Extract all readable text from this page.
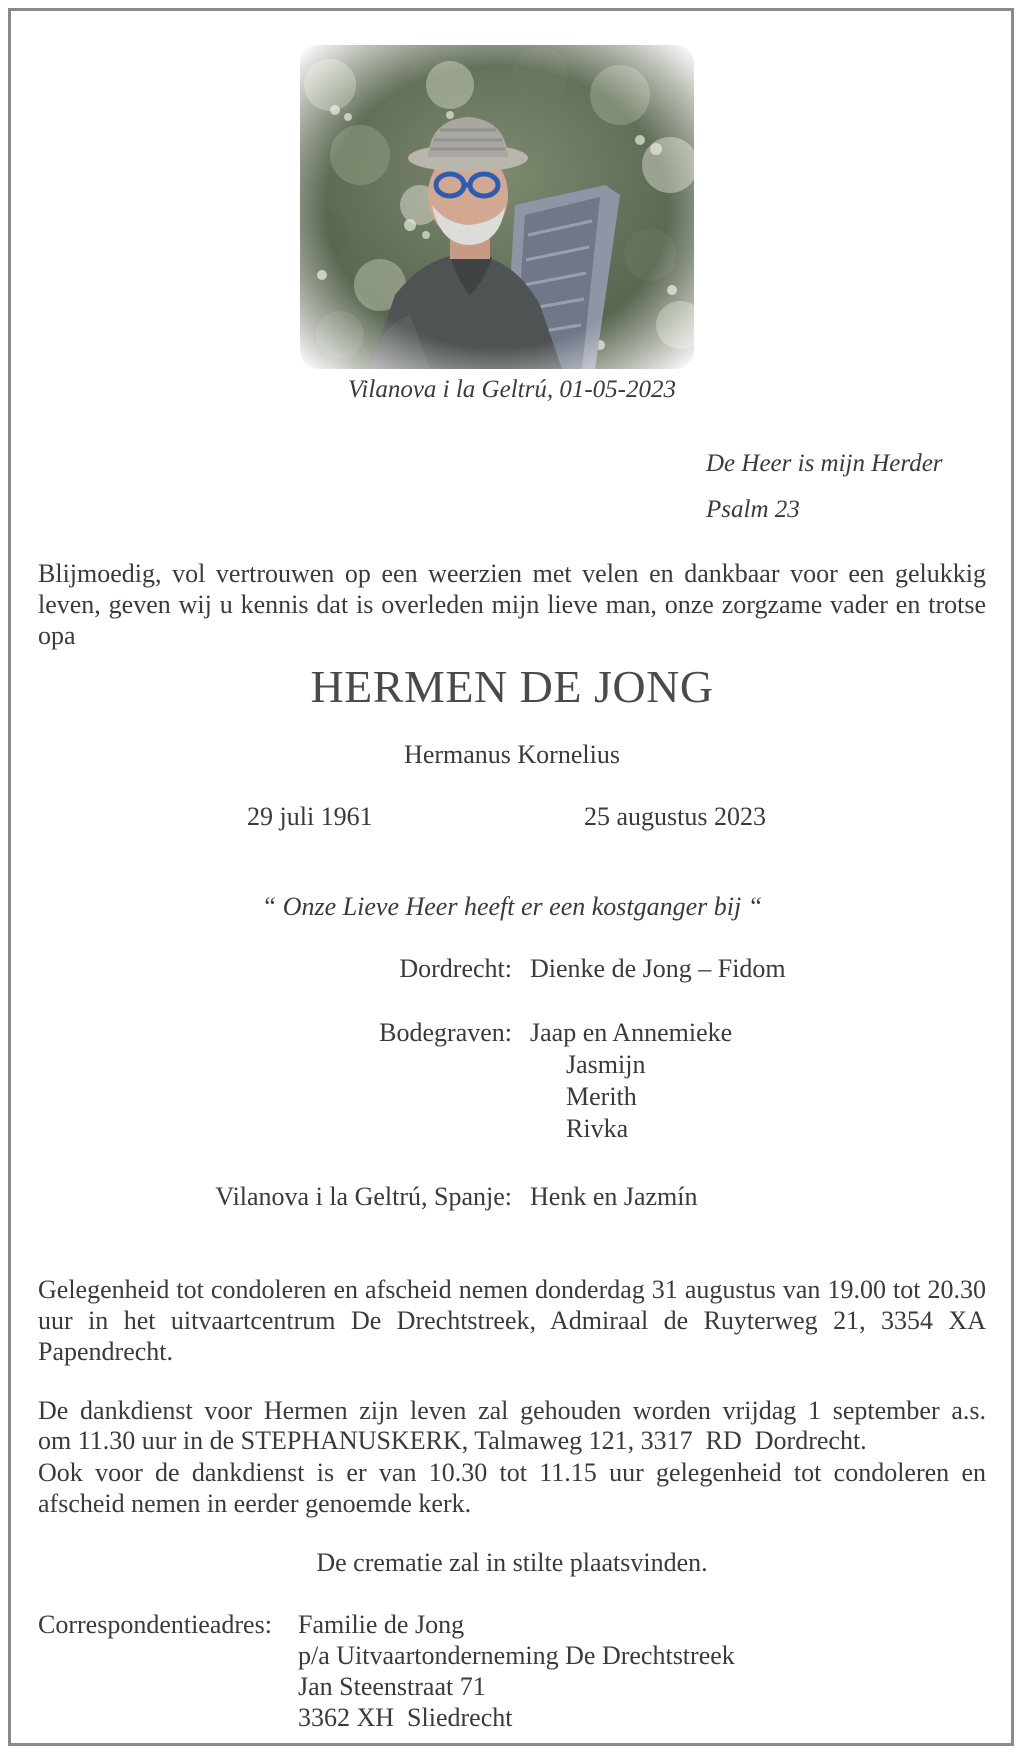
Vilanova i la Geltrú, 01-05-2023
De Heer is mijn Herder
Psalm 23
Blijmoedig, vol vertrouwen op een weerzien met velen en dankbaar voor een gelukkig leven, geven wij u kennis dat is overleden mijn lieve man, onze zorgzame vader en trotse opa
HERMEN DE JONG
Hermanus Kornelius
29 juli 1961	25 augustus 2023
“ Onze Lieve Heer heeft er een kostganger bij “
Dordrecht: Dienke de Jong – Fidom
Bodegraven: Jaap en Annemieke
Jasmijn
Merith
Rivka
Vilanova i la Geltrú, Spanje: Henk en Jazmín
Gelegenheid tot condoleren en afscheid nemen donderdag 31 augustus van 19.00 tot 20.30 uur in het uitvaartcentrum De Drechtstreek, Admiraal de Ruyterweg 21, 3354 XA Papendrecht.
De dankdienst voor Hermen zijn leven zal gehouden worden vrijdag 1 september a.s.
om 11.30 uur in de STEPHANUSKERK, Talmaweg 121, 3317  RD  Dordrecht.
Ook voor de dankdienst is er van 10.30 tot 11.15 uur gelegenheid tot condoleren en afscheid nemen in eerder genoemde kerk.
De crematie zal in stilte plaatsvinden.
Correspondentieadres: Familie de Jong
p/a Uitvaartonderneming De Drechtstreek
Jan Steenstraat 71
3362 XH  Sliedrecht
